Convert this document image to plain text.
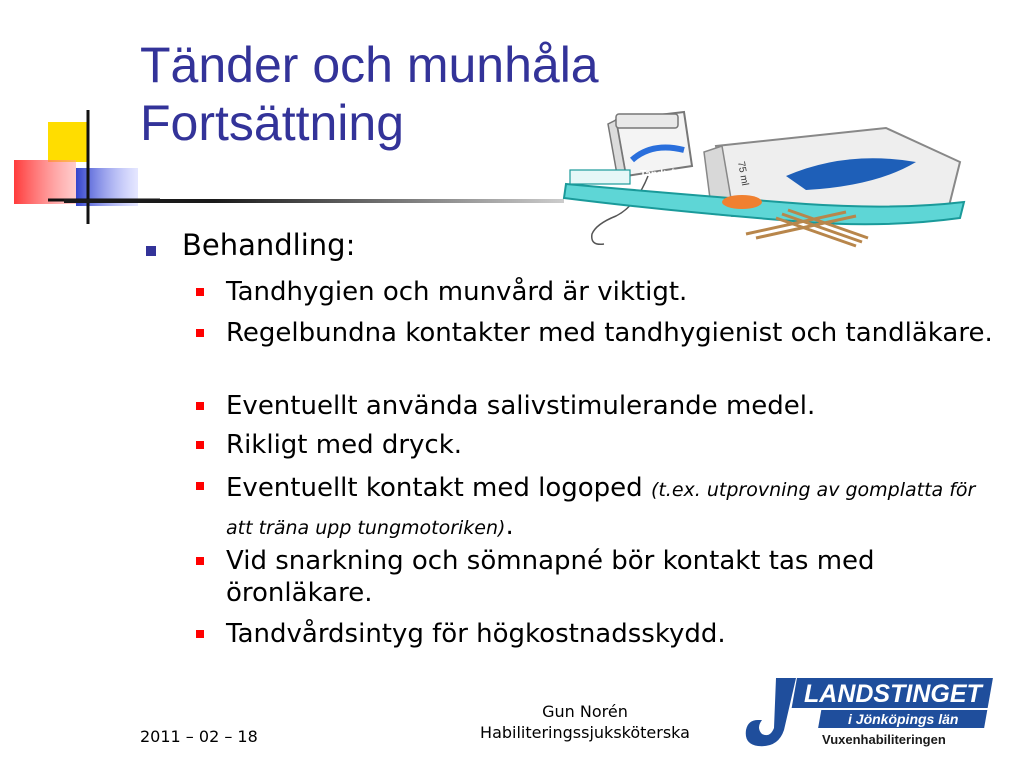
Tänder och munhåla
Fortsättning
Tandtråd	75 ml
Behandling:
Tandhygien och munvård är viktigt.
Regelbundna kontakter med tandhygienist och tandläkare.
Eventuellt använda salivstimulerande medel.
Rikligt med dryck.
Eventuellt kontakt med logoped (t.ex. utprovning av gomplatta för att träna upp tungmotoriken).
Vid snarkning och sömnapné bör kontakt tas med öronläkare.
Tandvårdsintyg för högkostnadsskydd.
2011 – 02 – 18
Gun Norén
Habiliteringssjuksköterska
LANDSTINGET
i Jönköpings län
Vuxenhabiliteringen
